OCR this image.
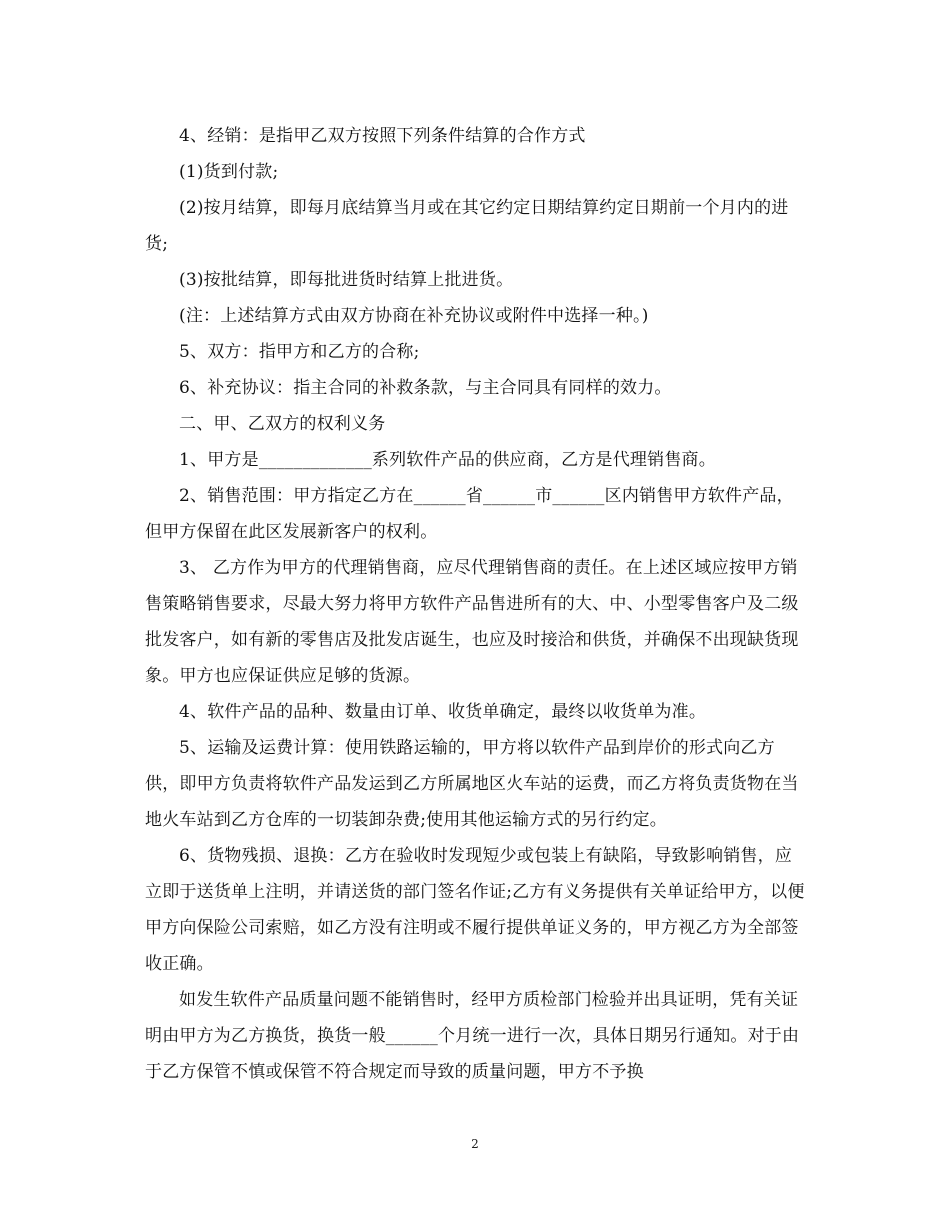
4、经销：是指甲乙双方按照下列条件结算的合作方式

(1)货到付款;

(2)按月结算，即每月底结算当月或在其它约定日期结算约定日期前一个月内的进货;

(3)按批结算，即每批进货时结算上批进货。

(注：上述结算方式由双方协商在补充协议或附件中选择一种。)

5、双方：指甲方和乙方的合称;

6、补充协议：指主合同的补救条款，与主合同具有同样的效力。

二、甲、乙双方的权利义务

1、甲方是_____________系列软件产品的供应商，乙方是代理销售商。

2、销售范围：甲方指定乙方在______省______市______区内销售甲方软件产品，但甲方保留在此区发展新客户的权利。

3、 乙方作为甲方的代理销售商，应尽代理销售商的责任。在上述区域应按甲方销售策略销售要求，尽最大努力将甲方软件产品售进所有的大、中、小型零售客户及二级批发客户，如有新的零售店及批发店诞生，也应及时接洽和供货，并确保不出现缺货现象。甲方也应保证供应足够的货源。

4、软件产品的品种、数量由订单、收货单确定，最终以收货单为准。

5、运输及运费计算：使用铁路运输的，甲方将以软件产品到岸价的形式向乙方供，即甲方负责将软件产品发运到乙方所属地区火车站的运费，而乙方将负责货物在当地火车站到乙方仓库的一切装卸杂费;使用其他运输方式的另行约定。

6、货物残损、退换：乙方在验收时发现短少或包装上有缺陷，导致影响销售，应立即于送货单上注明，并请送货的部门签名作证;乙方有义务提供有关单证给甲方，以便甲方向保险公司索赔，如乙方没有注明或不履行提供单证义务的，甲方视乙方为全部签收正确。

如发生软件产品质量问题不能销售时，经甲方质检部门检验并出具证明，凭有关证明由甲方为乙方换货，换货一般______个月统一进行一次，具体日期另行通知。对于由于乙方保管不慎或保管不符合规定而导致的质量问题，甲方不予换

2
